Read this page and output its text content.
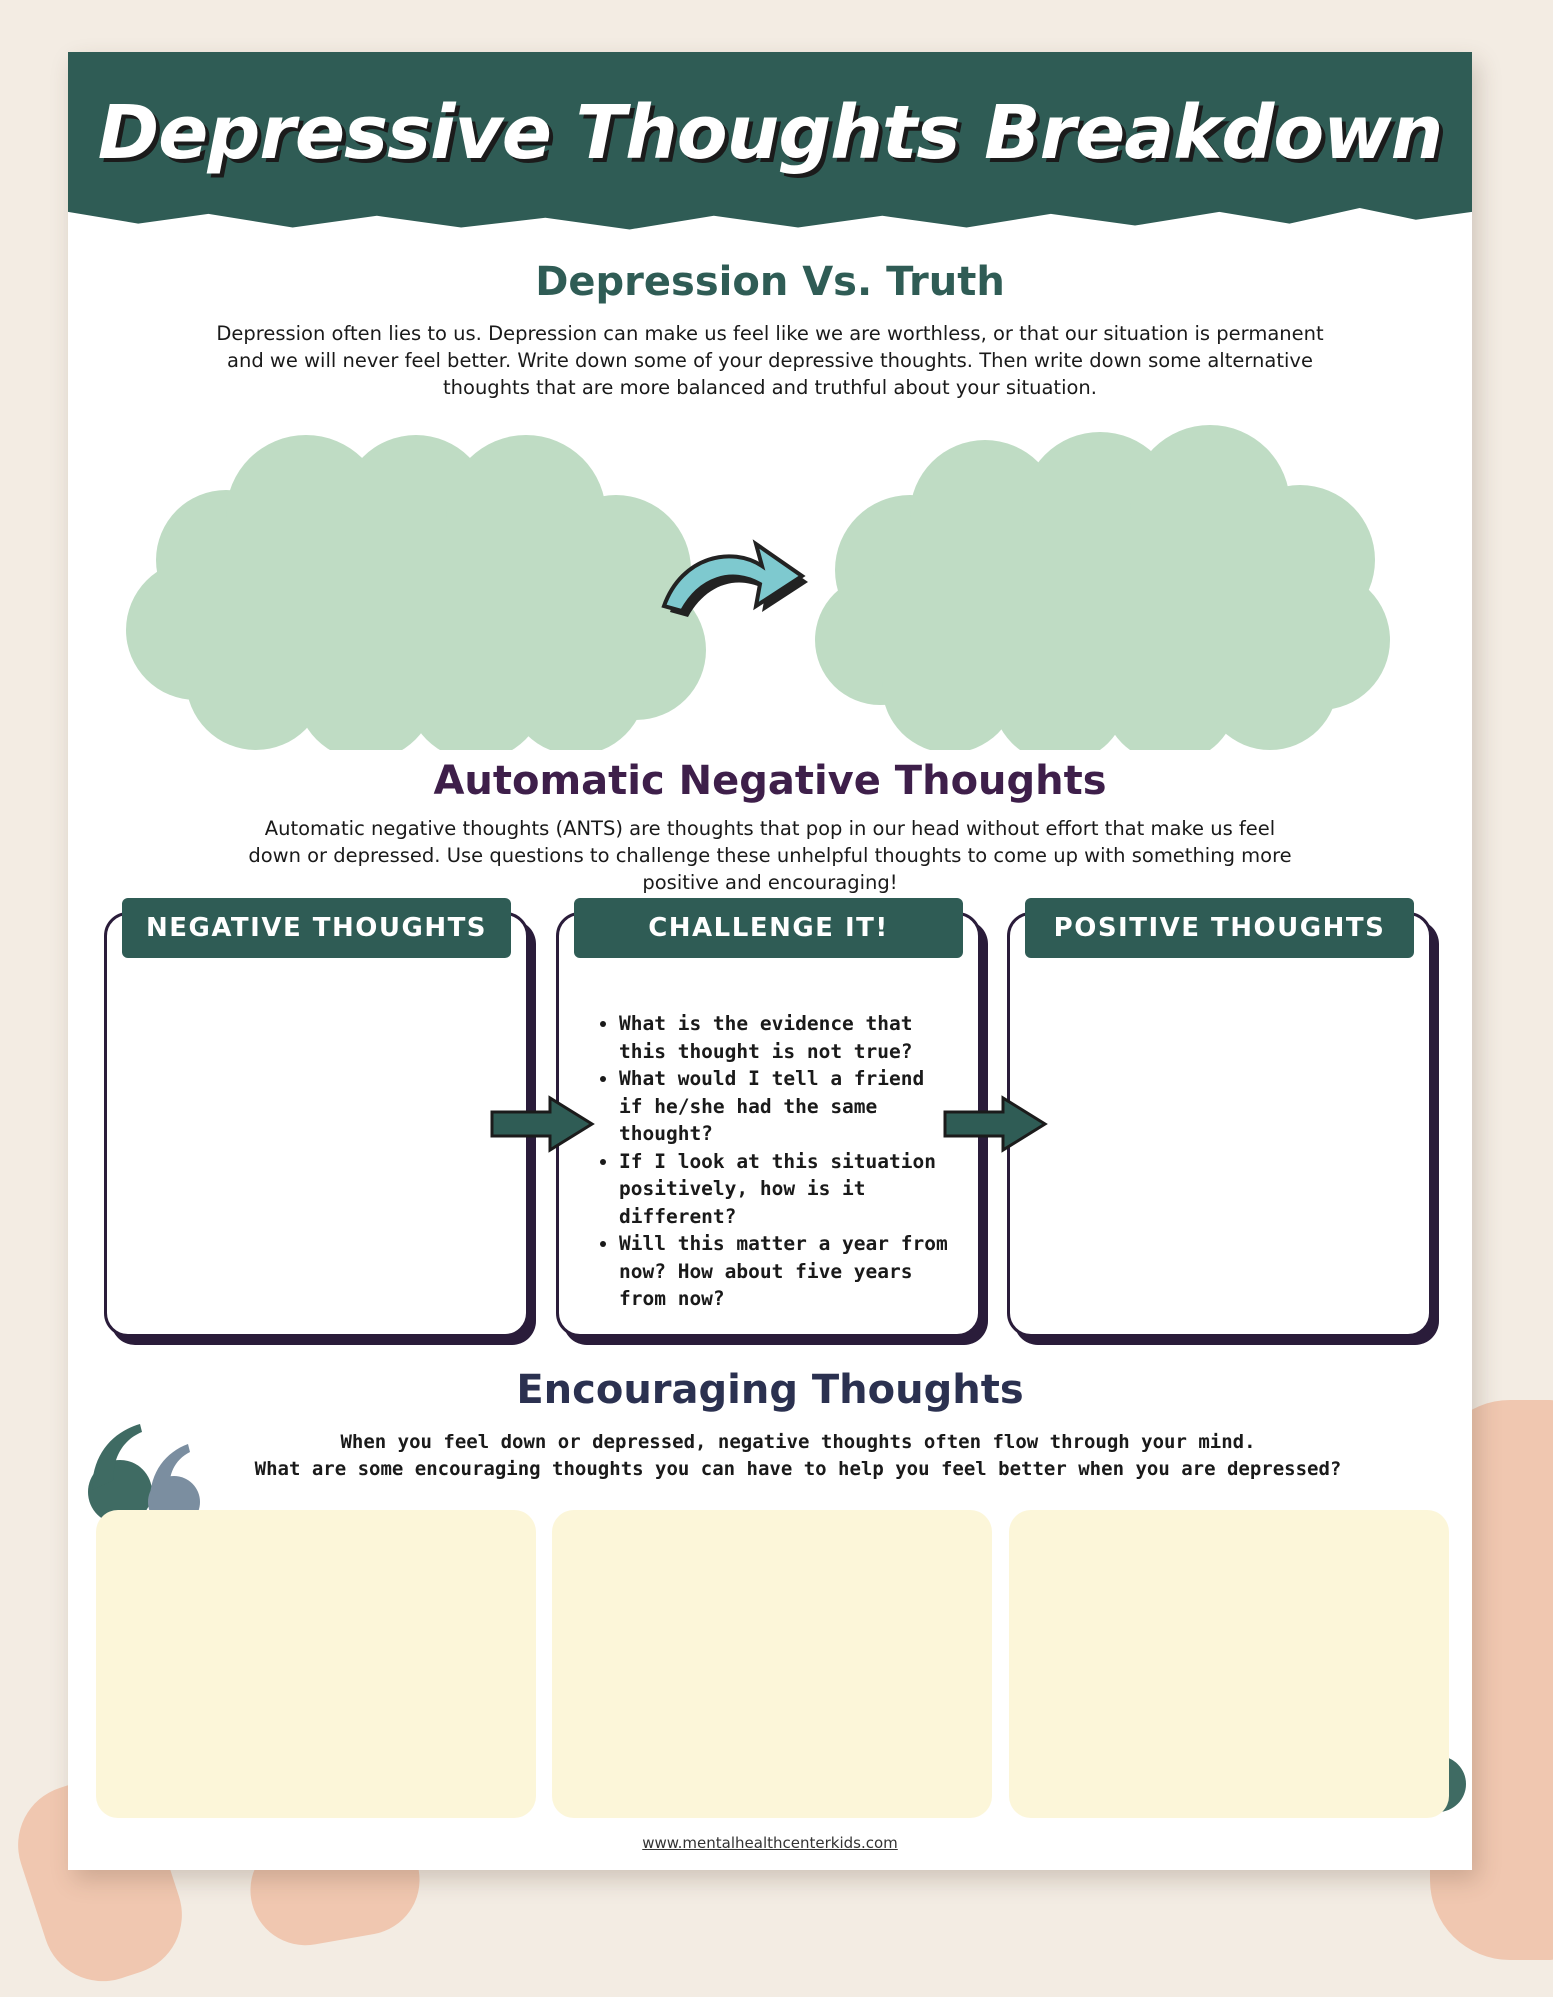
Depressive Thoughts Breakdown
Depression Vs. Truth
Depression often lies to us. Depression can make us feel like we are worthless, or that our situation is permanent
and we will never feel better. Write down some of your depressive thoughts. Then write down some alternative
thoughts that are more balanced and truthful about your situation.
Automatic Negative Thoughts
Automatic negative thoughts (ANTS) are thoughts that pop in our head without effort that make us feel
down or depressed. Use questions to challenge these unhelpful thoughts to come up with something more
positive and encouraging!
NEGATIVE THOUGHTS	CHALLENGE IT!
• What is the evidence that this thought is not true?
• What would I tell a friend if he/she had the same thought?
• If I look at this situation positively, how is it different?
• Will this matter a year from now? How about five years from now?
POSITIVE THOUGHTS
Encouraging Thoughts
When you feel down or depressed, negative thoughts often flow through your mind.
What are some encouraging thoughts you can have to help you feel better when you are depressed?
www.mentalhealthcenterkids.com
